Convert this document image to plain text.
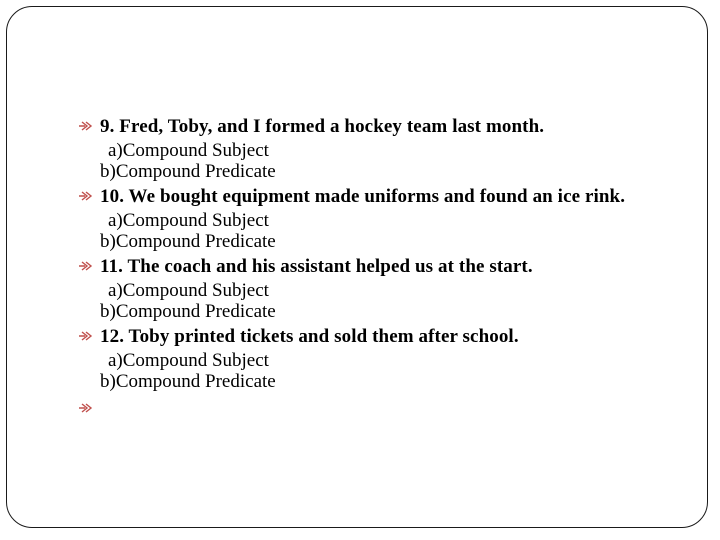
9. Fred, Toby, and I formed a hockey team last month.

a)Compound Subject

b)Compound Predicate

10. We bought equipment made uniforms and found an ice rink.

a)Compound Subject

b)Compound Predicate

11. The coach and his assistant helped us at the start.

a)Compound Subject

b)Compound Predicate

12. Toby printed tickets and sold them after school.

a)Compound Subject

b)Compound Predicate
